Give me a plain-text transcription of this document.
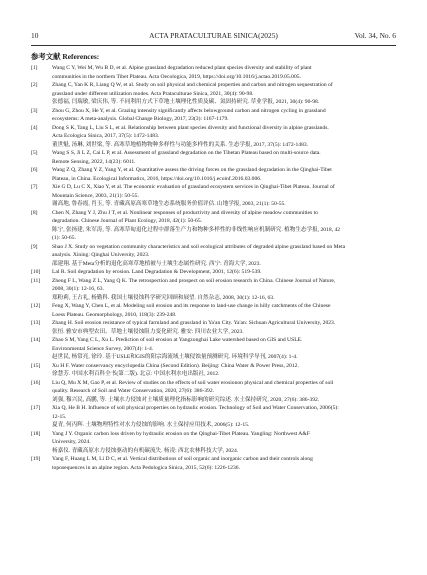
10	ACTA PRATACULTURAE SINICA(2025)	Vol. 34, No. 6
参考文献 References:
[1]	Wang C Y, Wei M, Wu B D, et al. Alpine grassland degradation reduced plant species diversity and stability of plant
communities in the northern Tibet Plateau. Acta Oecologica, 2019, https://doi.org/10.1016/j.actao.2019.05.005.
[2]	Zhang C, Yan K R, Liang Q W, et al. Study on soil physical and chemical properties and carbon and nitrogen sequestration of
grassland under different utilization modes. Acta Prataculturae Sinica, 2021, 30(4): 90-98.
张德福, 闫瑞敏, 梁庆伟, 等. 不同利用方式下草地土壤理化性质及碳、氮固持研究. 草业学报, 2021, 30(4): 90-98.
[3]	Zhou G, Zhou X, He Y, et al. Grazing intensity significantly affects belowground carbon and nitrogen cycling in grassland
ecosystems: A meta-analysis. Global Change Biology, 2017, 23(3): 1167-1179.
[4]	Dong S K, Tang L, Liu S L, et al. Relationship between plant species diversity and functional diversity in alpine grasslands.
Acta Ecologica Sinica, 2017, 37(5): 1472-1483.
董世魁, 汤琳, 刘世梁, 等. 高寒草地植物物种多样性与功能多样性的关系. 生态学报, 2017, 37(5): 1472-1483.
[5]	Wang S S, Ji L Z, Cai L P, et al. Assessment of grassland degradation on the Tibetan Plateau based on multi-source data.
Remote Sensing, 2022, 14(23): 6011.
[6]	Wang Z Q, Zhang Y Z, Yang Y, et al. Quantitative assess the driving forces on the grassland degradation in the Qinghai-Tibet
Plateau, in China. Ecological Informatics, 2016, https://doi.org/10.1016/j.ecoinf.2016.03.006.
[7]	Xie G D, Lu C X, Xiao Y, et al. The economic evaluation of grassland ecosystem services in Qinghai-Tibet Plateau. Journal of
Mountain Science, 2003, 21(1): 50-55.
谢高地, 鲁春霞, 肖玉, 等. 青藏高原高寒草地生态系统服务价值评估. 山地学报, 2003, 21(1): 50-55.
[8]	Chen N, Zhang Y J, Zhu J T, et al. Nonlinear responses of productivity and diversity of alpine meadow communities to
degradation. Chinese Journal of Plant Ecology, 2018, 42(1): 50-65.
陈宁, 张扬建, 朱军涛, 等. 高寒草甸退化过程中群落生产力和物种多样性的非线性响应机制研究. 植物生态学报, 2018, 42
(1): 50-65.
[9]	Shao J X. Study on vegetation community characteristics and soil ecological attributes of degraded alpine grassland based on Meta
analysis. Xining: Qinghai University, 2023.
邵建翔. 基于Meta分析的退化高寒草地植被与土壤生态属性研究. 西宁: 青海大学, 2023.
[10]	Lal R. Soil degradation by erosion. Land Degradation & Development, 2001, 12(6): 519-539.
[11]	Zheng F L, Wang Z L, Yang Q K. The retrospection and prospect on soil erosion research in China. Chinese Journal of Nature,
2008, 30(1): 12-16, 63.
郑粉莉, 王占礼, 杨勤科. 我国土壤侵蚀科学研究回顾和展望. 自然杂志, 2008, 30(1): 12-16, 63.
[12]	Feng X, Wang Y, Chen L, et al. Modeling soil erosion and its response to land-use change in hilly catchments of the Chinese
Loess Plateau. Geomorphology, 2010, 118(3): 239-248.
[13]	Zhang H. Soil erosion resistance of typical farmland and grassland in Ya'an City. Ya'an: Sichuan Agricultural University, 2023.
张恒. 雅安市典型农田、草地土壤侵蚀阻力变化研究. 雅安: 四川农业大学, 2023.
[14]	Zhao S M, Yang C L, Xu L. Prediction of soil erosion at Yangzonghai Lake watershed based on GIS and USLE.
Environmental Science Survey, 2007(4): 1-4.
赵世民, 杨常亮, 徐玲. 基于USLE和GIS的阳宗海流域土壤侵蚀量预测研究. 环境科学导刊, 2007(4): 1-4.
[15]	Xu H F. Water conservancy encyclopedia China (Second Edition). Beijing: China Water & Power Press, 2012.
徐慧芳. 中国水利百科全书(第二版). 北京: 中国水利水电出版社, 2012.
[16]	Liu Q, Mu X M, Gao P, et al. Review of studies on the effects of soil water erosionon physical and chemical properties of soil
quality. Research of Soil and Water Conservation, 2020, 27(6): 386-392.
刘强, 穆兴民, 高鹏, 等. 土壤水力侵蚀对土壤质量理化指标影响的研究综述. 水土保持研究, 2020, 27(6): 386-392.
[17]	Xia Q, He B H. Influence of soil physical properties on hydraulic erosion. Technology of Soil and Water Conservation, 2006(5):
12-15.
夏青, 何丙辉. 土壤物理特性对水力侵蚀的影响. 水土保持应用技术, 2006(5): 12-15.
[18]	Yang J Y. Organic carbon loss driven by hydraulic erosion on the Qinghai-Tibet Plateau. Yangling: Northwest A&F
University, 2024.
杨嘉仪. 青藏高原水力侵蚀驱动的有机碳流失. 杨凌: 西北农林科技大学, 2024.
[19]	Yang F, Huang L M, Li D C, et al. Vertical distributions of soil organic and inorganic carbon and their controls along
toposequences in an alpine region. Acta Pedologica Sinica, 2015, 52(6): 1226-1236.
